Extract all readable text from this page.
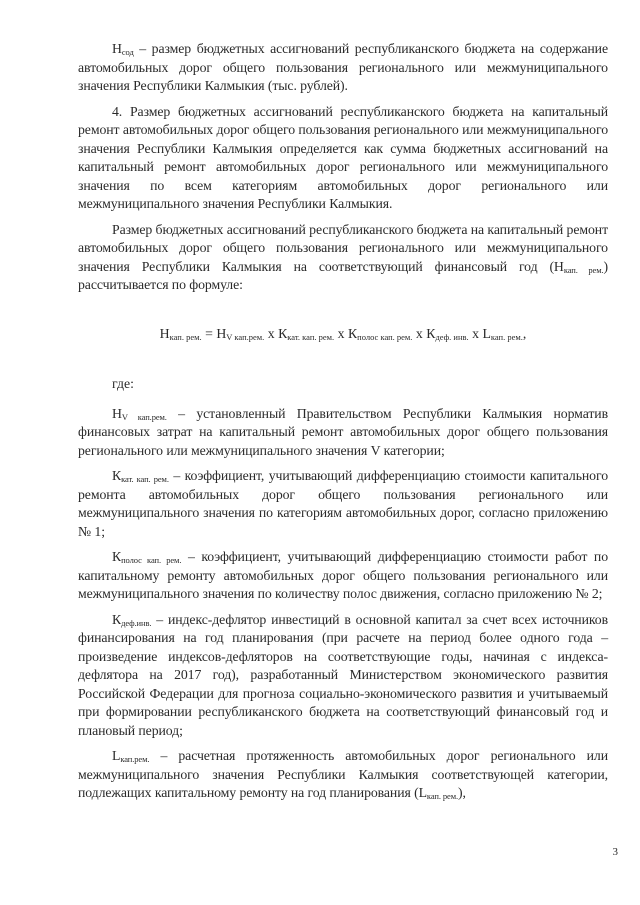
$Н_{сод}$ – размер бюджетных ассигнований республиканского бюджета на содержание автомобильных дорог общего пользования регионального или межмуниципального значения Республики Калмыкия (тыс. рублей).

4. Размер бюджетных ассигнований республиканского бюджета на капитальный ремонт автомобильных дорог общего пользования регионального или межмуниципального значения Республики Калмыкия определяется как сумма бюджетных ассигнований на капитальный ремонт автомобильных дорог регионального или межмуниципального значения по всем категориям автомобильных дорог регионального или межмуниципального значения Республики Калмыкия.

Размер бюджетных ассигнований республиканского бюджета на капитальный ремонт автомобильных дорог общего пользования регионального или межмуниципального значения Республики Калмыкия на соответствующий финансовый год $(Н_{кап. рем.})$ рассчитывается по формуле:

$Н_{кап. рем.} = Н_{V кап.рем.}$ х $К_{кат. кап. рем.}$ х $К_{полос кап. рем.}$ х $К_{деф. инв.}$ х $L_{кап. рем.}$,

где:

$Н_{V кап.рем.}$ – установленный Правительством Республики Калмыкия норматив финансовых затрат на капитальный ремонт автомобильных дорог общего пользования регионального или межмуниципального значения V категории;

$К_{кат. кап. рем.}$ – коэффициент, учитывающий дифференциацию стоимости капитального ремонта автомобильных дорог общего пользования регионального или межмуниципального значения по категориям автомобильных дорог, согласно приложению № 1;

$К_{полос кап. рем.}$ – коэффициент, учитывающий дифференциацию стоимости работ по капитальному ремонту автомобильных дорог общего пользования регионального или межмуниципального значения по количеству полос движения, согласно приложению № 2;

$К_{деф.инв.}$ – индекс-дефлятор инвестиций в основной капитал за счет всех источников финансирования на год планирования (при расчете на период более одного года – произведение индексов-дефляторов на соответствующие годы, начиная с индекса-дефлятора на 2017 год), разработанный Министерством экономического развития Российской Федерации для прогноза социально-экономического развития и учитываемый при формировании республиканского бюджета на соответствующий финансовый год и плановый период;

$L_{кап.рем.}$ – расчетная протяженность автомобильных дорог регионального или межмуниципального значения Республики Калмыкия соответствующей категории, подлежащих капитальному ремонту на год планирования $(L_{кап. рем.})$,

3
